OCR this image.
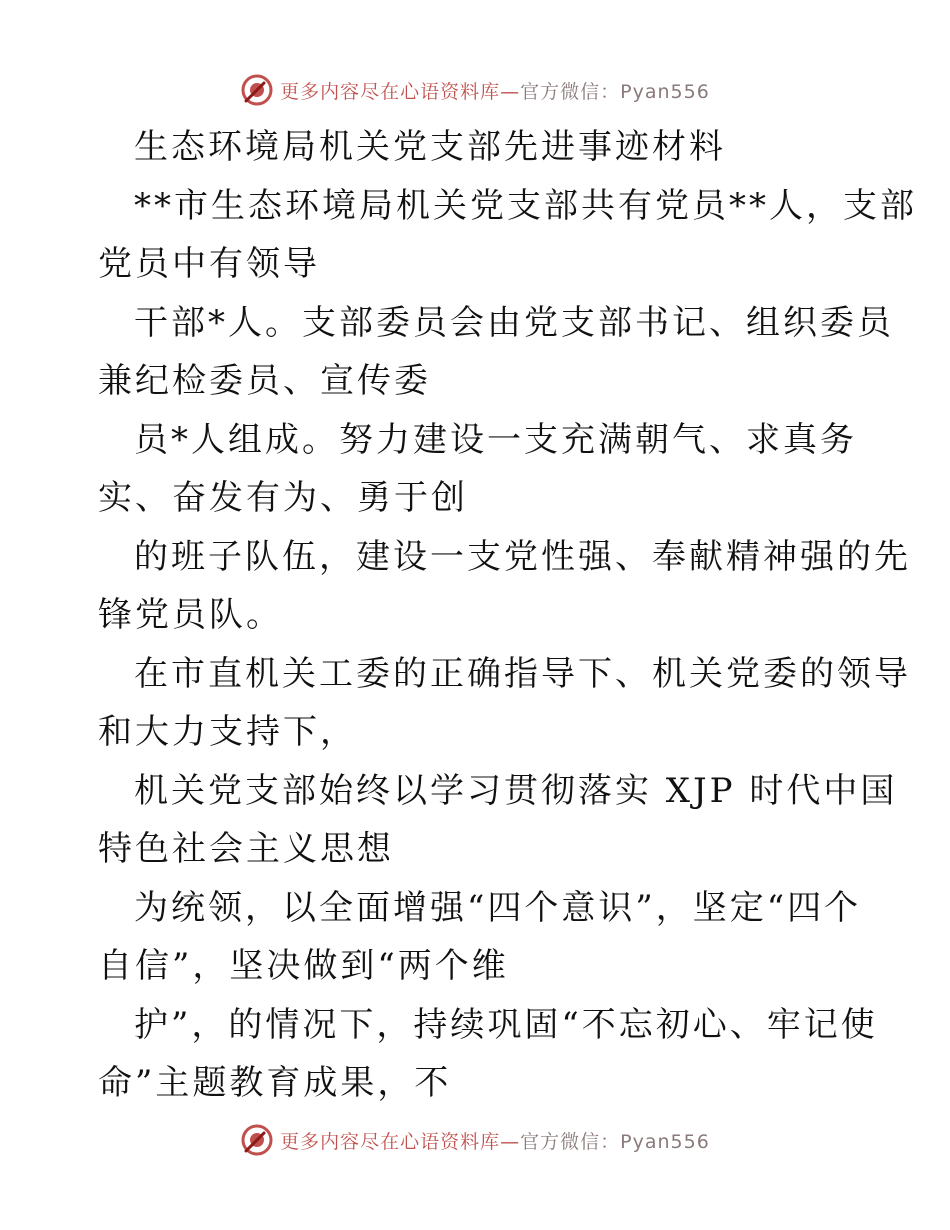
更多内容尽在心语资料库—官方微信：Pyan556
生态环境局机关党支部先进事迹材料
**市生态环境局机关党支部共有党员**人，支部
党员中有领导
干部*人。支部委员会由党支部书记、组织委员
兼纪检委员、宣传委
员*人组成。努力建设一支充满朝气、求真务
实、奋发有为、勇于创
的班子队伍，建设一支党性强、奉献精神强的先
锋党员队。
在市直机关工委的正确指导下、机关党委的领导
和大力支持下，
机关党支部始终以学习贯彻落实 XJP 时代中国
特色社会主义思想
为统领，以全面增强“四个意识”，坚定“四个
自信”，坚决做到“两个维
护”，的情况下，持续巩固“不忘初心、牢记使
命”主题教育成果，不
更多内容尽在心语资料库—官方微信：Pyan556
